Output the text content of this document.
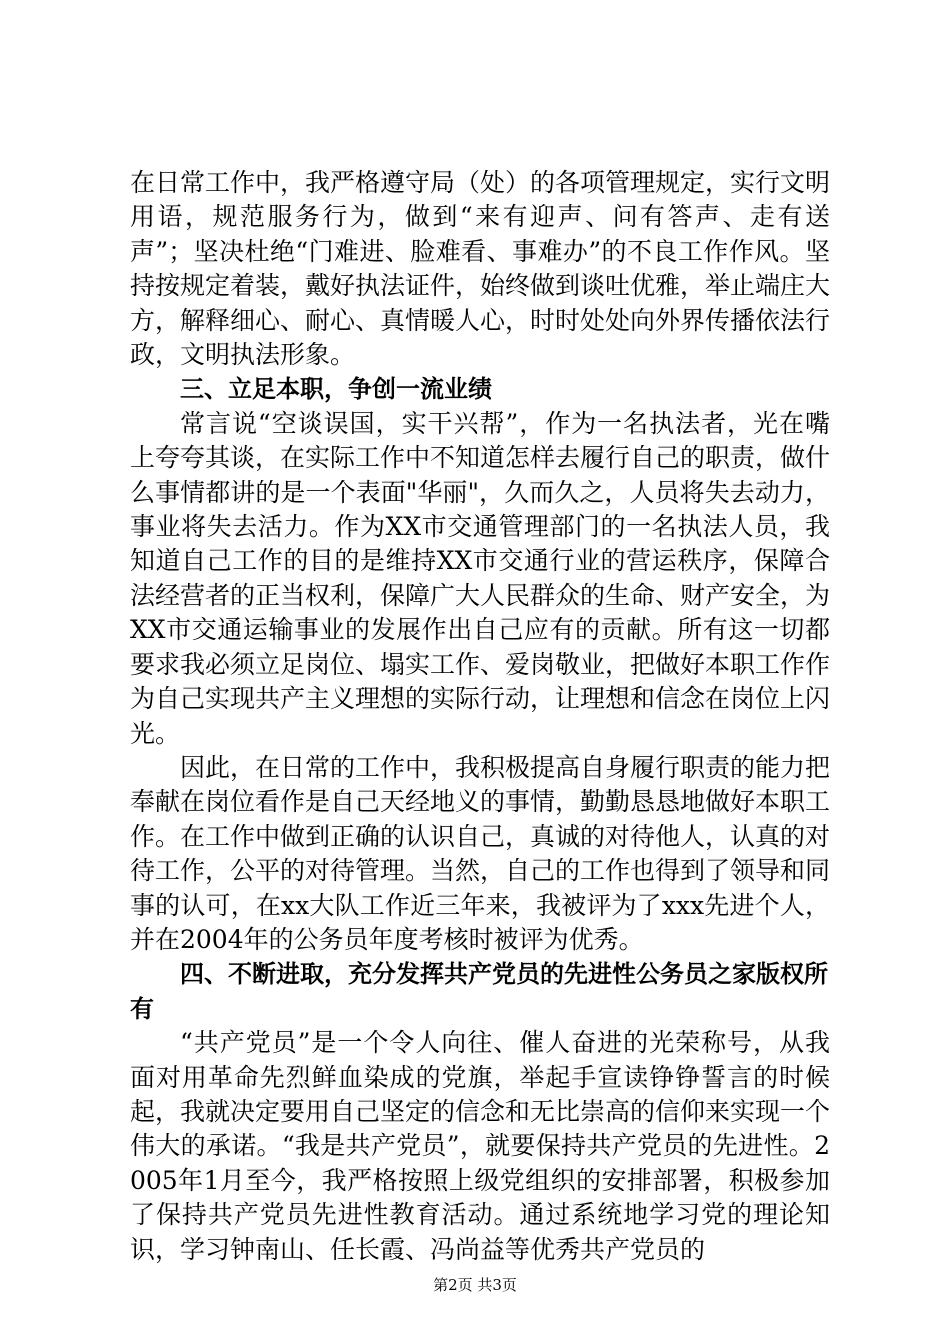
在日常工作中，我严格遵守局（处）的各项管理规定，实行文明用语，规范服务行为，做到“来有迎声、问有答声、走有送声”；坚决杜绝“门难进、脸难看、事难办”的不良工作作风。坚持按规定着装，戴好执法证件，始终做到谈吐优雅，举止端庄大方，解释细心、耐心、真情暖人心，时时处处向外界传播依法行政，文明执法形象。

三、立足本职，争创一流业绩

常言说“空谈误国，实干兴帮”，作为一名执法者，光在嘴上夸夸其谈，在实际工作中不知道怎样去履行自己的职责，做什么事情都讲的是一个表面"华丽"，久而久之，人员将失去动力，事业将失去活力。作为XX市交通管理部门的一名执法人员，我知道自己工作的目的是维持XX市交通行业的营运秩序，保障合法经营者的正当权利，保障广大人民群众的生命、财产安全，为XX市交通运输事业的发展作出自己应有的贡献。所有这一切都要求我必须立足岗位、塌实工作、爱岗敬业，把做好本职工作作为自己实现共产主义理想的实际行动，让理想和信念在岗位上闪光。

因此，在日常的工作中，我积极提高自身履行职责的能力把奉献在岗位看作是自己天经地义的事情，勤勤恳恳地做好本职工作。在工作中做到正确的认识自己，真诚的对待他人，认真的对待工作，公平的对待管理。当然，自己的工作也得到了领导和同事的认可，在xx大队工作近三年来，我被评为了xxx先进个人，并在2004年的公务员年度考核时被评为优秀。

四、不断进取，充分发挥共产党员的先进性公务员之家版权所有

“共产党员”是一个令人向往、催人奋进的光荣称号，从我面对用革命先烈鲜血染成的党旗，举起手宣读铮铮誓言的时候起，我就决定要用自己坚定的信念和无比崇高的信仰来实现一个伟大的承诺。“我是共产党员”，就要保持共产党员的先进性。2005年1月至今，我严格按照上级党组织的安排部署，积极参加了保持共产党员先进性教育活动。通过系统地学习党的理论知识，学习钟南山、任长霞、冯尚益等优秀共产党员的

第2页 共3页
